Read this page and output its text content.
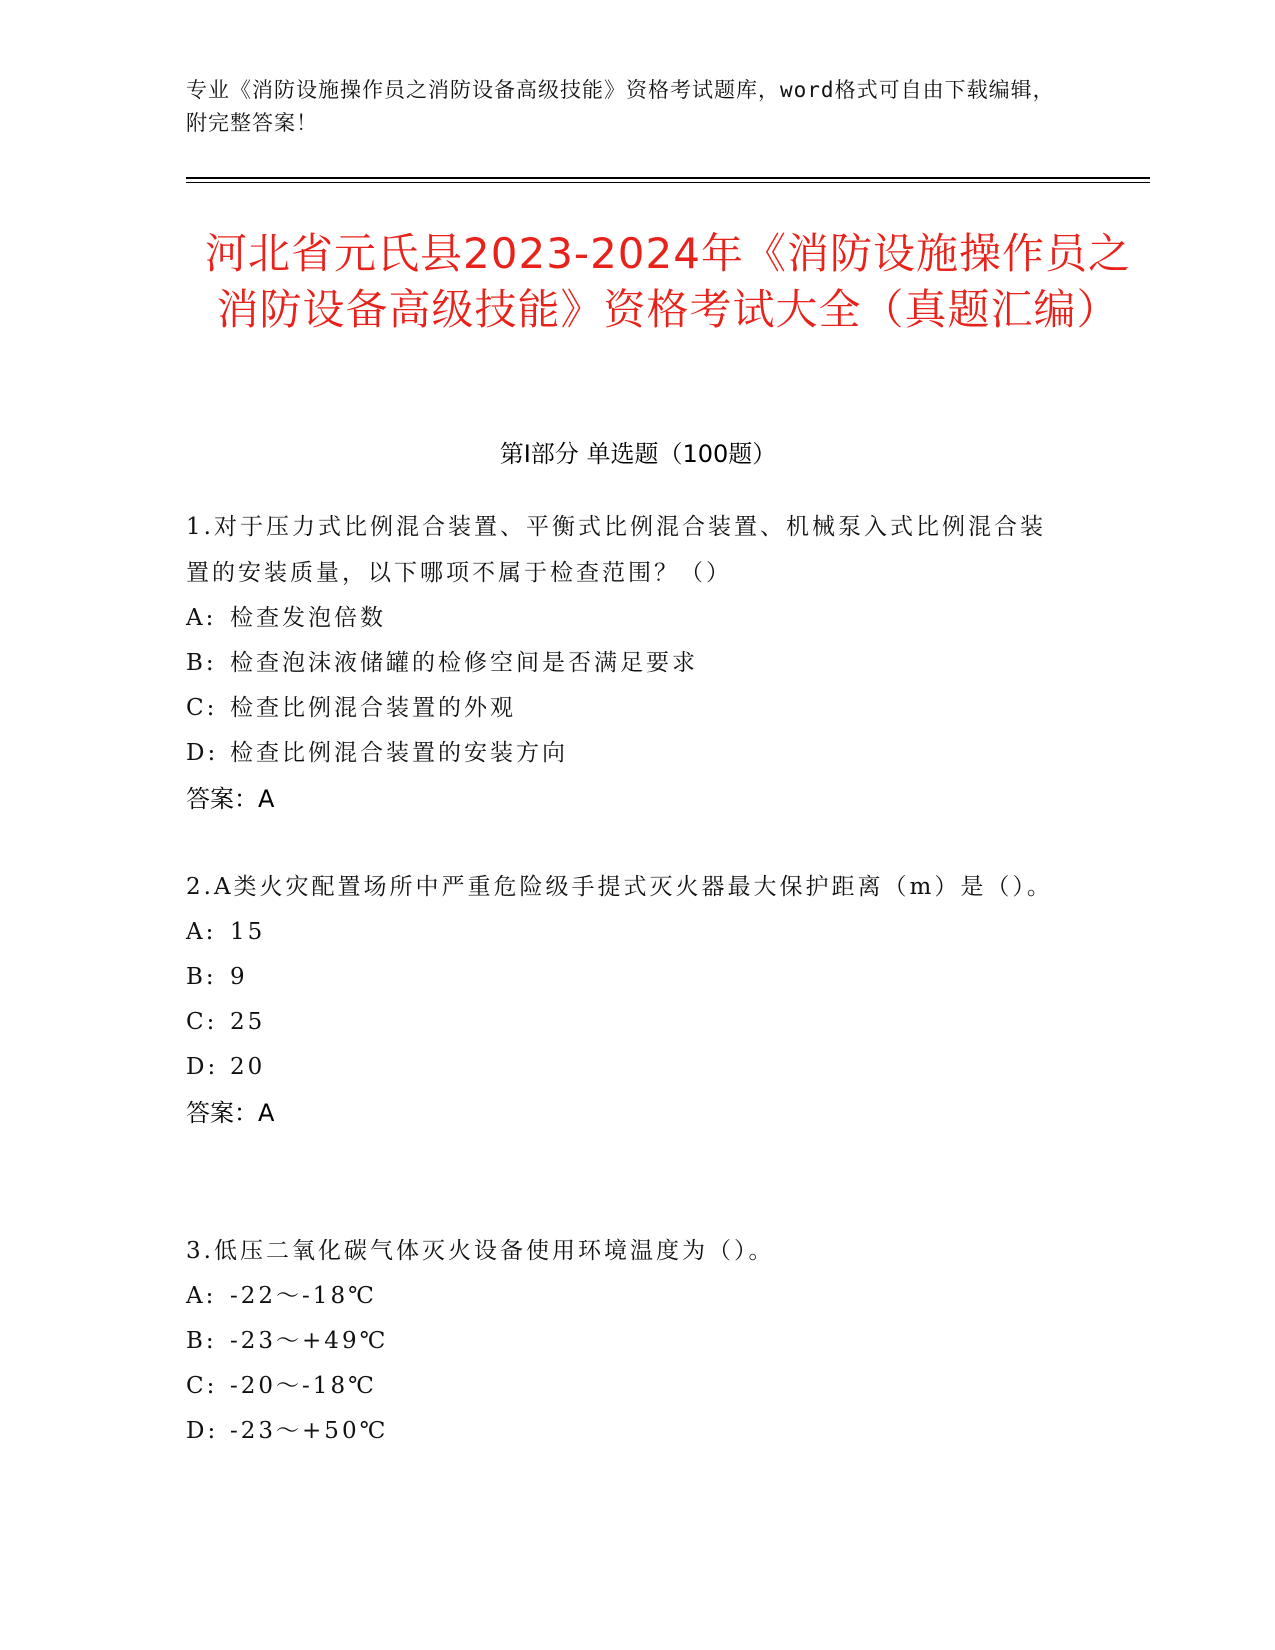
专业《消防设施操作员之消防设备高级技能》资格考试题库，word格式可自由下载编辑，附完整答案！
河北省元氏县2023-2024年《消防设施操作员之消防设备高级技能》资格考试大全（真题汇编）
第I部分 单选题（100题）
1.对于压力式比例混合装置、平衡式比例混合装置、机械泵入式比例混合装置的安装质量，以下哪项不属于检查范围？（）
A: 检查发泡倍数
B: 检查泡沫液储罐的检修空间是否满足要求
C: 检查比例混合装置的外观
D: 检查比例混合装置的安装方向
答案：A
2.A类火灾配置场所中严重危险级手提式灭火器最大保护距离（m）是（）。
A: 15
B: 9
C: 25
D: 20
答案：A
3.低压二氧化碳气体灭火设备使用环境温度为（）。
A: -22～-18℃
B: -23～+49℃
C: -20～-18℃
D: -23～+50℃
